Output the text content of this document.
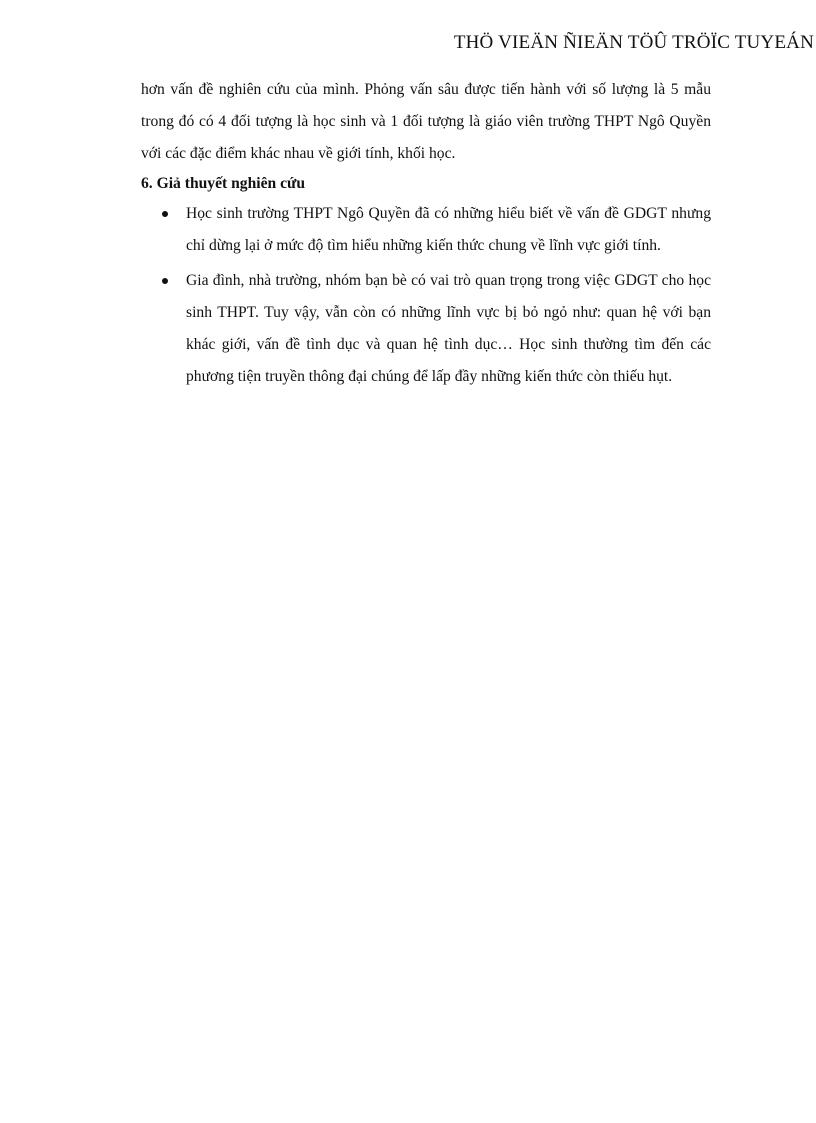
THÖ VIEÄN ÑIEÄN TÖÛ TRÖÏC TUYEÁN

hơn vấn đề nghiên cứu của mình. Phỏng vấn sâu được tiến hành với số lượng là 5 mẫu trong đó có 4 đối tượng là học sinh và 1 đối tượng là giáo viên trường THPT Ngô Quyền với các đặc điểm khác nhau về giới tính, khối học.

6. Giả thuyết nghiên cứu

Học sinh trường THPT Ngô Quyền đã có những hiểu biết về vấn đề GDGT nhưng chỉ dừng lại ở mức độ tìm hiểu những kiến thức chung về lĩnh vực giới tính.
Gia đình, nhà trường, nhóm bạn bè có vai trò quan trọng trong việc GDGT cho học sinh THPT. Tuy vậy, vẫn còn có những lĩnh vực bị bỏ ngỏ như: quan hệ với bạn khác giới, vấn đề tình dục và quan hệ tình dục… Học sinh thường tìm đến các phương tiện truyền thông đại chúng để lấp đầy những kiến thức còn thiếu hụt.
